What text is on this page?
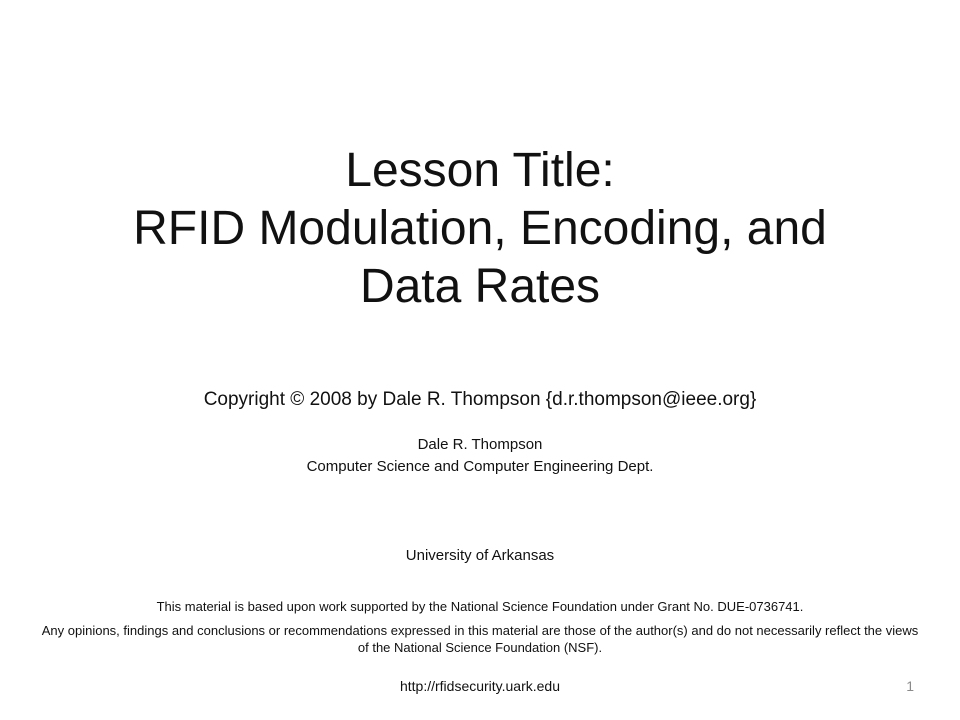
Lesson Title:
RFID Modulation, Encoding, and
Data Rates
Copyright © 2008 by Dale R. Thompson {d.r.thompson@ieee.org}
Dale R. Thompson
Computer Science and Computer Engineering Dept.
University of Arkansas
This material is based upon work supported by the National Science Foundation under Grant No. DUE-0736741.
Any opinions, findings and conclusions or recommendations expressed in this material are those of the author(s) and do not necessarily reflect the views of the National Science Foundation (NSF).
http://rfidsecurity.uark.edu	1
